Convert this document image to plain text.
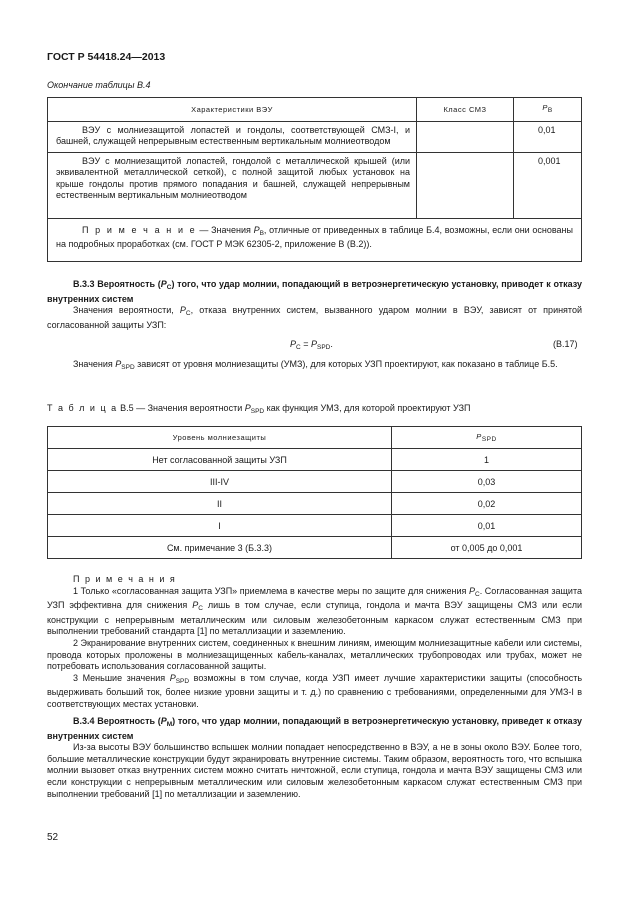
ГОСТ Р 54418.24—2013
Окончание таблицы В.4
Характеристики ВЭУ	Класс СМЗ	PB
ВЭУ с молниезащитой лопастей и гондолы, соответствующей СМЗ-I, и башней, служащей непрерывным естественным вертикальным молниеотводом		0,01
ВЭУ с молниезащитой лопастей, гондолой с металлической крышей (или эквивалентной металлической сеткой), с полной защитой любых установок на крыше гондолы против прямого попадания и башней, служащей непрерывным естественным вертикальным молниеотводом		0,001
П р и м е ч а н и е — Значения $P_B$, отличные от приведенных в таблице Б.4, возможны, если они основаны на подробных проработках (см. ГОСТ Р МЭК 62305-2, приложение В (В.2)).		
В.3.3 Вероятность $(P_C)$ того, что удар молнии, попадающий в ветроэнергетическую установку, приводет к отказу внутренних систем
Значения вероятности, $P_C$, отказа внутренних систем, вызванного ударом молнии в ВЭУ, зависят от принятой согласованной защиты УЗП:
$P_C = P_{SPD}$.	(В.17)
Значения $P_{SPD}$ зависят от уровня молниезащиты (УМЗ), для которых УЗП проектируют, как показано в таблице Б.5.
Т а б л и ц а В.5 — Значения вероятности $P_{SPD}$ как функция УМЗ, для которой проектируют УЗП
Уровень молниезащиты	PSPD
Нет согласованной защиты УЗП	1
III-IV	0,03
II	0,02
I	0,01
См. примечание 3 (Б.3.3)	от 0,005 до 0,001
П р и м е ч а н и я
1 Только «согласованная защита УЗП» приемлема в качестве меры по защите для снижения $P_C$. Согласованная защита УЗП эффективна для снижения $P_C$ лишь в том случае, если ступица, гондола и мачта ВЭУ защищены СМЗ или если конструкции с непрерывным металлическим или силовым железобетонным каркасом служат естественным СМЗ при выполнении требований стандарта [1] по металлизации и заземлению.
2 Экранирование внутренних систем, соединенных к внешним линиям, имеющим молниезащитные кабели или системы, провода которых проложены в молниезащищенных кабель-каналах, металлических трубопроводах или трубах, может не потребовать использования согласованной защиты.
3 Меньшие значения $P_{SPD}$ возможны в том случае, когда УЗП имеет лучшие характеристики защиты (способность выдерживать больший ток, более низкие уровни защиты и т. д.) по сравнению с требованиями, определенными для УМЗ-I в соответствующих местах установки.
В.3.4 Вероятность $(P_M)$ того, что удар молнии, попадающий в ветроэнергетическую установку, приведет к отказу внутренних систем
Из-за высоты ВЭУ большинство вспышек молнии попадает непосредственно в ВЭУ, а не в зоны около ВЭУ. Более того, большие металлические конструкции будут экранировать внутренние системы. Таким образом, вероятность того, что вспышка молнии вызовет отказ внутренних систем можно считать ничтожной, если ступица, гондола и мачта ВЭУ защищены СМЗ или если конструкции с непрерывным металлическим или силовым железобетонным каркасом служат естественным СМЗ при выполнении требований [1] по металлизации и заземлению.
52
